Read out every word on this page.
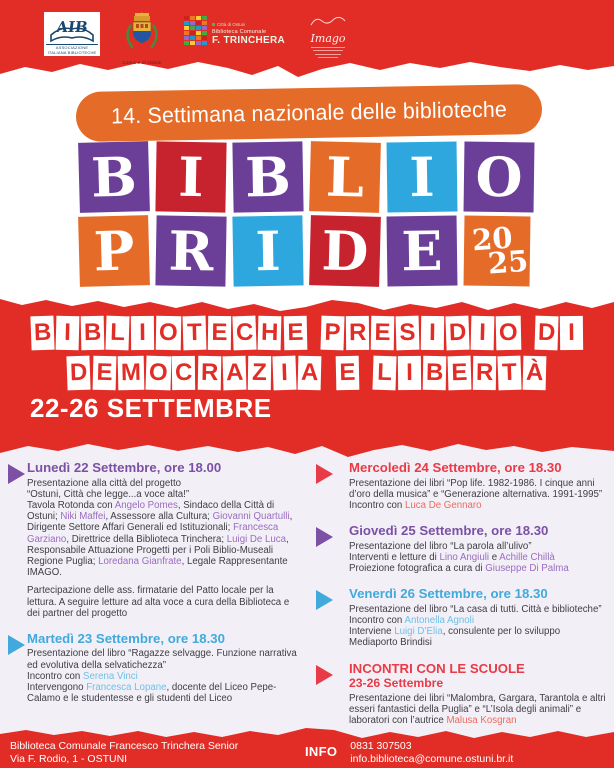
AIB
ASSOCIAZIONE ITALIANA BIBLIOTECHE
Comune di Ostuni
Città di Ostuni
Biblioteca Comunale
F. TRINCHERA	Imago
14. Settimana nazionale delle biblioteche
B I B L I O
P R I D E 20
25
B I B L I O T E C H E P R E S I D I O D I
D E M O C R A Z I A E L I B E R T À
22-26 SETTEMBRE
Lunedì 22 Settembre, ore 18.00

Presentazione alla città del progetto
“Ostuni, Città che legge...a voce alta!”
Tavola Rotonda con Angelo Pomes, Sindaco della Città di Ostuni; Niki Maffei, Assessore alla Cultura; Giovanni Quartulli, Dirigente Settore Affari Generali ed Istituzionali; Francesca Garziano, Direttrice della Biblioteca Trinchera; Luigi De Luca, Responsabile Attuazione Progetti per i Poli Biblio-Museali Regione Puglia; Loredana Gianfrate, Legale Rappresentante IMAGO.

Partecipazione delle ass. firmatarie del Patto locale per la lettura. A seguire letture ad alta voce a cura della Biblioteca e dei partner del progetto

Martedì 23 Settembre, ore 18.30

Presentazione del libro “Ragazze selvagge. Funzione narrativa ed evolutiva della selvatichezza”
Incontro con Serena Vinci
Intervengono Francesca Lopane, docente del Liceo Pepe-Calamo e le studentesse e gli studenti del Liceo

Mercoledì 24 Settembre, ore 18.30

Presentazione dei libri “Pop life. 1982-1986. I cinque anni d’oro della musica” e “Generazione alternativa. 1991-1995”
Incontro con Luca De Gennaro

Giovedì 25 Settembre, ore 18.30

Presentazione del libro “La parola all’ulivo”
Interventi e letture di Lino Angiuli e Achille Chillà
Proiezione fotografica a cura di Giuseppe Di Palma

Venerdì 26 Settembre, ore 18.30

Presentazione del libro “La casa di tutti. Città e biblioteche”
Incontro con Antonella Agnoli
Interviene Luigi D’Elia, consulente per lo sviluppo Mediaporto Brindisi

INCONTRI CON LE SCUOLE
23-26 Settembre

Presentazione dei libri “Malombra, Gargara, Tarantola e altri esseri fantastici della Puglia” e “L’Isola degli animali” e laboratori con l’autrice Malusa Kosgran

Biblioteca Comunale Francesco Trinchera Senior
Via F. Rodio, 1 - OSTUNI	INFO 0831 307503
info.biblioteca@comune.ostuni.br.it
